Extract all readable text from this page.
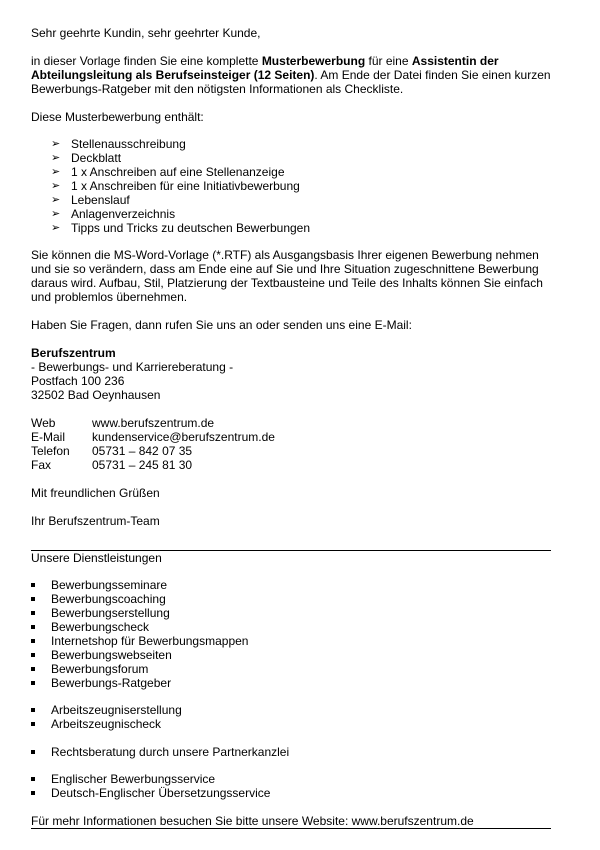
Sehr geehrte Kundin, sehr geehrter Kunde,

in dieser Vorlage finden Sie eine komplette Musterbewerbung für eine Assistentin der Abteilungsleitung als Berufseinsteiger (12 Seiten). Am Ende der Datei finden Sie einen kurzen Bewerbungs-Ratgeber mit den nötigsten Informationen als Checkliste.

Diese Musterbewerbung enthält:

➢ Stellenausschreibung
➢ Deckblatt
➢ 1 x Anschreiben auf eine Stellenanzeige
➢ 1 x Anschreiben für eine Initiativbewerbung
➢ Lebenslauf
➢ Anlagenverzeichnis
➢ Tipps und Tricks zu deutschen Bewerbungen

Sie können die MS-Word-Vorlage (*.RTF) als Ausgangsbasis Ihrer eigenen Bewerbung nehmen und sie so verändern, dass am Ende eine auf Sie und Ihre Situation zugeschnittene Bewerbung daraus wird. Aufbau, Stil, Platzierung der Textbausteine und Teile des Inhalts können Sie einfach und problemlos übernehmen.

Haben Sie Fragen, dann rufen Sie uns an oder senden uns eine E-Mail:

Berufszentrum

- Bewerbungs- und Karriereberatung -

Postfach 100 236

32502 Bad Oeynhausen

Web	www.berufszentrum.de
E-Mail	kundenservice@berufszentrum.de
Telefon	05731 – 842 07 35
Fax	05731 – 245 81 30

Mit freundlichen Grüßen

Ihr Berufszentrum-Team

Unsere Dienstleistungen

Bewerbungsseminare
Bewerbungscoaching
Bewerbungserstellung
Bewerbungscheck
Internetshop für Bewerbungsmappen
Bewerbungswebseiten
Bewerbungsforum
Bewerbungs-Ratgeber
Arbeitszeugniserstellung
Arbeitszeugnischeck
Rechtsberatung durch unsere Partnerkanzlei
Englischer Bewerbungsservice
Deutsch-Englischer Übersetzungsservice

Für mehr Informationen besuchen Sie bitte unsere Website: www.berufszentrum.de
